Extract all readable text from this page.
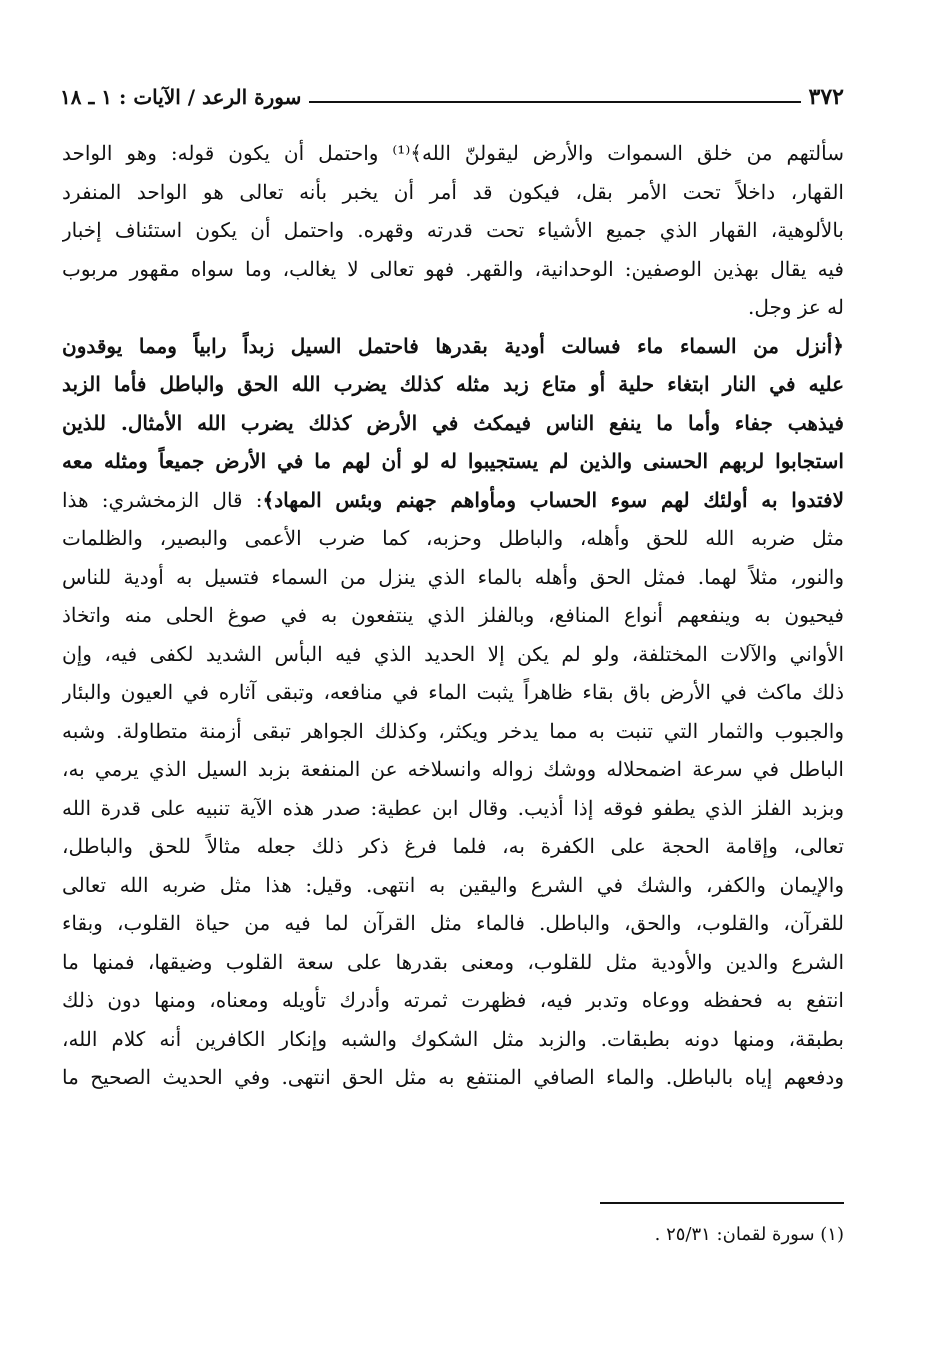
٣٧٢
سورة الرعد / الآيات : ١ ـ ١٨
سألتهم من خلق السموات والأرض ليقولنّ الله﴾⁽¹⁾ واحتمل أن يكون قوله: وهو الواحد
القهار، داخلاً تحت الأمر بقل، فيكون قد أمر أن يخبر بأنه تعالى هو الواحد المنفرد
بالألوهية، القهار الذي جميع الأشياء تحت قدرته وقهره. واحتمل أن يكون استئناف إخبار
فيه يقال بهذين الوصفين: الوحدانية، والقهر. فهو تعالى لا يغالب، وما سواه مقهور مربوب
له عز وجل.
﴿أنزل من السماء ماء فسالت أودية بقدرها فاحتمل السيل زبداً رابياً ومما يوقدون
عليه في النار ابتغاء حلية أو متاع زبد مثله كذلك يضرب الله الحق والباطل فأما الزبد
فيذهب جفاء وأما ما ينفع الناس فيمكث في الأرض كذلك يضرب الله الأمثال. للذين
استجابوا لربهم الحسنى والذين لم يستجيبوا له لو أن لهم ما في الأرض جميعاً ومثله معه
لافتدوا به أولئك لهم سوء الحساب ومأواهم جهنم وبئس المهاد﴾: قال الزمخشري: هذا
مثل ضربه الله للحق وأهله، والباطل وحزبه، كما ضرب الأعمى والبصير، والظلمات
والنور، مثلاً لهما. فمثل الحق وأهله بالماء الذي ينزل من السماء فتسيل به أودية للناس
فيحيون به وينفعهم أنواع المنافع، وبالفلز الذي ينتفعون به في صوغ الحلى منه واتخاذ
الأواني والآلات المختلفة، ولو لم يكن إلا الحديد الذي فيه البأس الشديد لكفى فيه، وإن
ذلك ماكث في الأرض باق بقاء ظاهراً يثبت الماء في منافعه، وتبقى آثاره في العيون والبئار
والجبوب والثمار التي تنبت به مما يدخر ويكثر، وكذلك الجواهر تبقى أزمنة متطاولة. وشبه
الباطل في سرعة اضمحلاله ووشك زواله وانسلاخه عن المنفعة بزبد السيل الذي يرمي به،
وبزبد الفلز الذي يطفو فوقه إذا أذيب. وقال ابن عطية: صدر هذه الآية تنبيه على قدرة الله
تعالى، وإقامة الحجة على الكفرة به، فلما فرغ ذكر ذلك جعله مثالاً للحق والباطل،
والإيمان والكفر، والشك في الشرع واليقين به انتهى. وقيل: هذا مثل ضربه الله تعالى
للقرآن، والقلوب، والحق، والباطل. فالماء مثل القرآن لما فيه من حياة القلوب، وبقاء
الشرع والدين والأودية مثل للقلوب، ومعنى بقدرها على سعة القلوب وضيقها، فمنها ما
انتفع به فحفظه ووعاه وتدبر فيه، فظهرت ثمرته وأدرك تأويله ومعناه، ومنها دون ذلك
بطبقة، ومنها دونه بطبقات. والزبد مثل الشكوك والشبه وإنكار الكافرين أنه كلام الله،
ودفعهم إياه بالباطل. والماء الصافي المنتفع به مثل الحق انتهى. وفي الحديث الصحيح ما
(١) سورة لقمان: ٢٥/٣١ .
